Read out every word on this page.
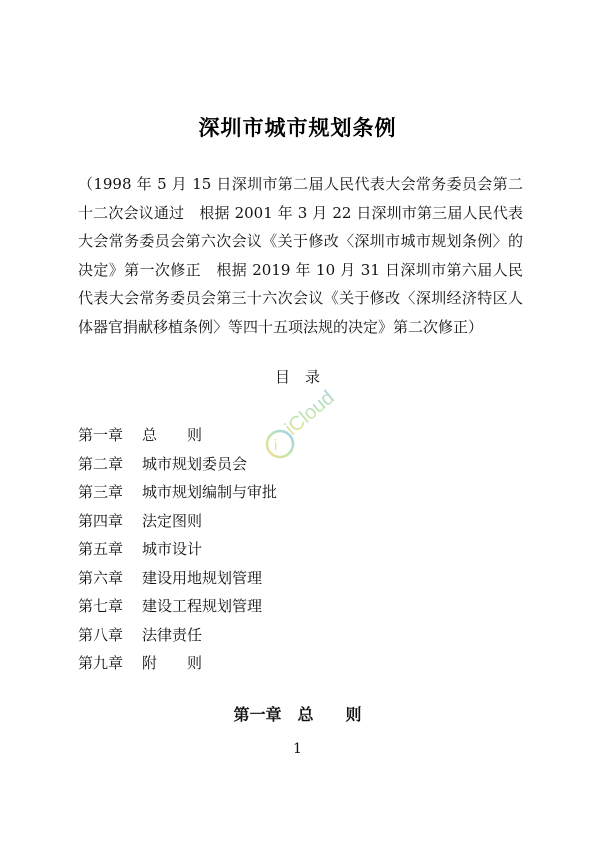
深圳市城市规划条例
（1998 年 5 月 15 日深圳市第二届人民代表大会常务委员会第二十二次会议通过　根据 2001 年 3 月 22 日深圳市第三届人民代表大会常务委员会第六次会议《关于修改〈深圳市城市规划条例〉的决定》第一次修正　根据 2019 年 10 月 31 日深圳市第六届人民代表大会常务委员会第三十六次会议《关于修改〈深圳经济特区人体器官捐献移植条例〉等四十五项法规的决定》第二次修正）
目　录
第一章 总　　则
第二章 城市规划委员会
第三章 城市规划编制与审批
第四章 法定图则
第五章 城市设计
第六章 建设用地规划管理
第七章 建设工程规划管理
第八章 法律责任
第九章 附　　则
第一章　总　　则
1
i
iCloud
